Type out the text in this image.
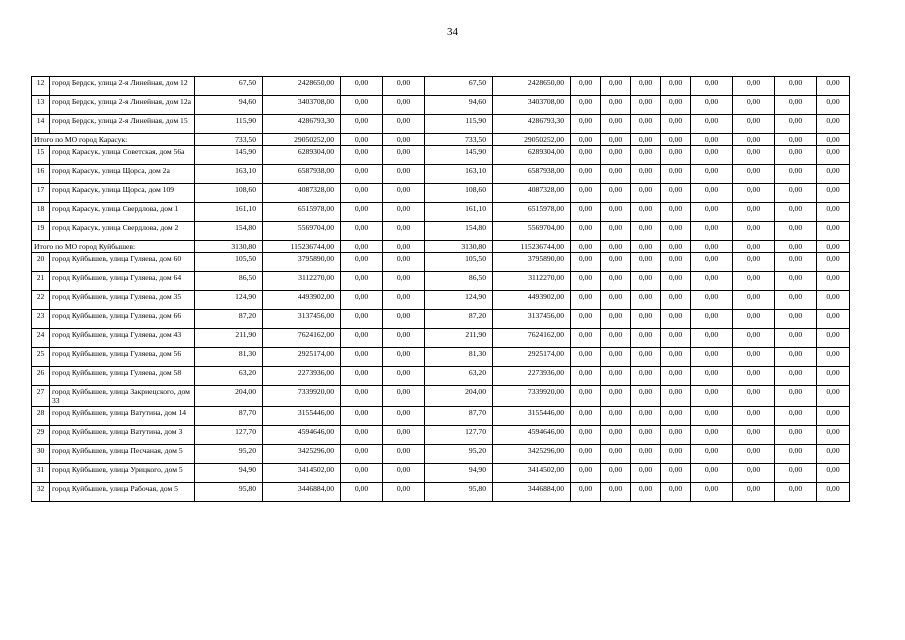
34
12	город Бердск, улица 2-я Линейная, дом 12	67,50	2428650,00	0,00	0,00	67,50	2428650,00	0,00	0,00	0,00	0,00	0,00	0,00	0,00	0,00
13	город Бердск, улица 2-я Линейная, дом 12а	94,60	3403708,00	0,00	0,00	94,60	3403708,00	0,00	0,00	0,00	0,00	0,00	0,00	0,00	0,00
14	город Бердск, улица 2-я Линейная, дом 15	115,90	4286793,30	0,00	0,00	115,90	4286793,30	0,00	0,00	0,00	0,00	0,00	0,00	0,00	0,00
Итого по МО город Карасук:		733,50	29050252,00	0,00	0,00	733,50	29050252,00	0,00	0,00	0,00	0,00	0,00	0,00	0,00	0,00
15	город Карасук, улица Советская, дом 56а	145,90	6289304,00	0,00	0,00	145,90	6289304,00	0,00	0,00	0,00	0,00	0,00	0,00	0,00	0,00
16	город Карасук, улица Щорса, дом 2а	163,10	6587938,00	0,00	0,00	163,10	6587938,00	0,00	0,00	0,00	0,00	0,00	0,00	0,00	0,00
17	город Карасук, улица Щорса, дом 109	108,60	4087328,00	0,00	0,00	108,60	4087328,00	0,00	0,00	0,00	0,00	0,00	0,00	0,00	0,00
18	город Карасук, улица Свердлова, дом 1	161,10	6515978,00	0,00	0,00	161,10	6515978,00	0,00	0,00	0,00	0,00	0,00	0,00	0,00	0,00
19	город Карасук, улица Свердлова, дом 2	154,80	5569704,00	0,00	0,00	154,80	5569704,00	0,00	0,00	0,00	0,00	0,00	0,00	0,00	0,00
Итого по МО город Куйбышев:		3130,80	115236744,00	0,00	0,00	3130,80	115236744,00	0,00	0,00	0,00	0,00	0,00	0,00	0,00	0,00
20	город Куйбышев, улица Гуляева, дом 60	105,50	3795890,00	0,00	0,00	105,50	3795890,00	0,00	0,00	0,00	0,00	0,00	0,00	0,00	0,00
21	город Куйбышев, улица Гуляева, дом 64	86,50	3112270,00	0,00	0,00	86,50	3112270,00	0,00	0,00	0,00	0,00	0,00	0,00	0,00	0,00
22	город Куйбышев, улица Гуляева, дом 35	124,90	4493902,00	0,00	0,00	124,90	4493902,00	0,00	0,00	0,00	0,00	0,00	0,00	0,00	0,00
23	город Куйбышев, улица Гуляева, дом 66	87,20	3137456,00	0,00	0,00	87,20	3137456,00	0,00	0,00	0,00	0,00	0,00	0,00	0,00	0,00
24	город Куйбышев, улица Гуляева, дом 43	211,90	7624162,00	0,00	0,00	211,90	7624162,00	0,00	0,00	0,00	0,00	0,00	0,00	0,00	0,00
25	город Куйбышев, улица Гуляева, дом 56	81,30	2925174,00	0,00	0,00	81,30	2925174,00	0,00	0,00	0,00	0,00	0,00	0,00	0,00	0,00
26	город Куйбышев, улица Гуляева, дом 58	63,20	2273936,00	0,00	0,00	63,20	2273936,00	0,00	0,00	0,00	0,00	0,00	0,00	0,00	0,00
27	город Куйбышев, улица Закриецского, дом 33	204,00	7339920,00	0,00	0,00	204,00	7339920,00	0,00	0,00	0,00	0,00	0,00	0,00	0,00	0,00
28	город Куйбышев, улица Ватутина, дом 14	87,70	3155446,00	0,00	0,00	87,70	3155446,00	0,00	0,00	0,00	0,00	0,00	0,00	0,00	0,00
29	город Куйбышев, улица Ватутина, дом 3	127,70	4594646,00	0,00	0,00	127,70	4594646,00	0,00	0,00	0,00	0,00	0,00	0,00	0,00	0,00
30	город Куйбышев, улица Песчаная, дом 5	95,20	3425296,00	0,00	0,00	95,20	3425296,00	0,00	0,00	0,00	0,00	0,00	0,00	0,00	0,00
31	город Куйбышев, улица Урицкого, дом 5	94,90	3414502,00	0,00	0,00	94,90	3414502,00	0,00	0,00	0,00	0,00	0,00	0,00	0,00	0,00
32	город Куйбышев, улица Рабочая, дом 5	95,80	3446884,00	0,00	0,00	95,80	3446884,00	0,00	0,00	0,00	0,00	0,00	0,00	0,00	0,00
